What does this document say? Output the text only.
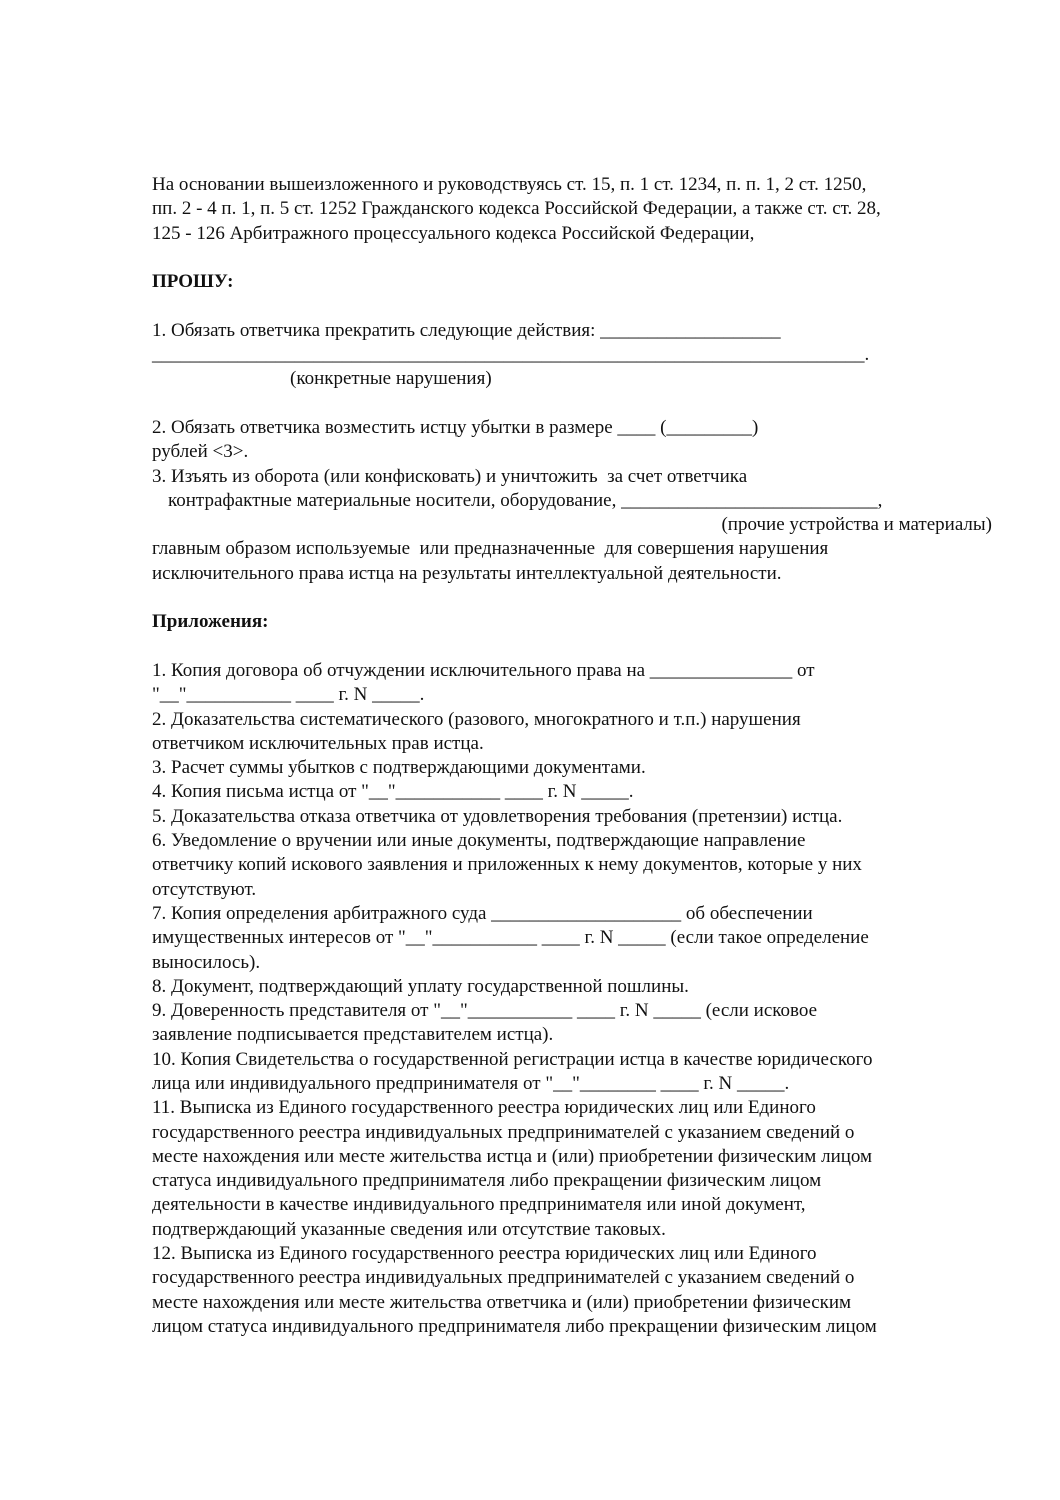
На основании вышеизложенного и руководствуясь ст. 15, п. 1 ст. 1234, п. п. 1, 2 ст. 1250,
пп. 2 - 4 п. 1, п. 5 ст. 1252 Гражданского кодекса Российской Федерации, а также ст. ст. 28,
125 - 126 Арбитражного процессуального кодекса Российской Федерации,
ПРОШУ:
1. Обязать ответчика прекратить следующие действия: ___________________
___________________________________________________________________________.
(конкретные нарушения)
2. Обязать ответчика возместить истцу убытки в размере ____ (_________)
рублей <3>.
3. Изъять из оборота (или конфисковать) и уничтожить  за счет ответчика
контрафактные материальные носители, оборудование, ___________________________,
(прочие устройства и материалы)
главным образом используемые  или предназначенные  для совершения нарушения
исключительного права истца на результаты интеллектуальной деятельности.
Приложения:
1. Копия договора об отчуждении исключительного права на _______________ от
"__"___________ ____ г. N _____.
2. Доказательства систематического (разового, многократного и т.п.) нарушения
ответчиком исключительных прав истца.
3. Расчет суммы убытков с подтверждающими документами.
4. Копия письма истца от "__"___________ ____ г. N _____.
5. Доказательства отказа ответчика от удовлетворения требования (претензии) истца.
6. Уведомление о вручении или иные документы, подтверждающие направление
ответчику копий искового заявления и приложенных к нему документов, которые у них
отсутствуют.
7. Копия определения арбитражного суда ____________________ об обеспечении
имущественных интересов от "__"___________ ____ г. N _____ (если такое определение
выносилось).
8. Документ, подтверждающий уплату государственной пошлины.
9. Доверенность представителя от "__"___________ ____ г. N _____ (если исковое
заявление подписывается представителем истца).
10. Копия Свидетельства о государственной регистрации истца в качестве юридического
лица или индивидуального предпринимателя от "__"________ ____ г. N _____.
11. Выписка из Единого государственного реестра юридических лиц или Единого
государственного реестра индивидуальных предпринимателей с указанием сведений о
месте нахождения или месте жительства истца и (или) приобретении физическим лицом
статуса индивидуального предпринимателя либо прекращении физическим лицом
деятельности в качестве индивидуального предпринимателя или иной документ,
подтверждающий указанные сведения или отсутствие таковых.
12. Выписка из Единого государственного реестра юридических лиц или Единого
государственного реестра индивидуальных предпринимателей с указанием сведений о
месте нахождения или месте жительства ответчика и (или) приобретении физическим
лицом статуса индивидуального предпринимателя либо прекращении физическим лицом
